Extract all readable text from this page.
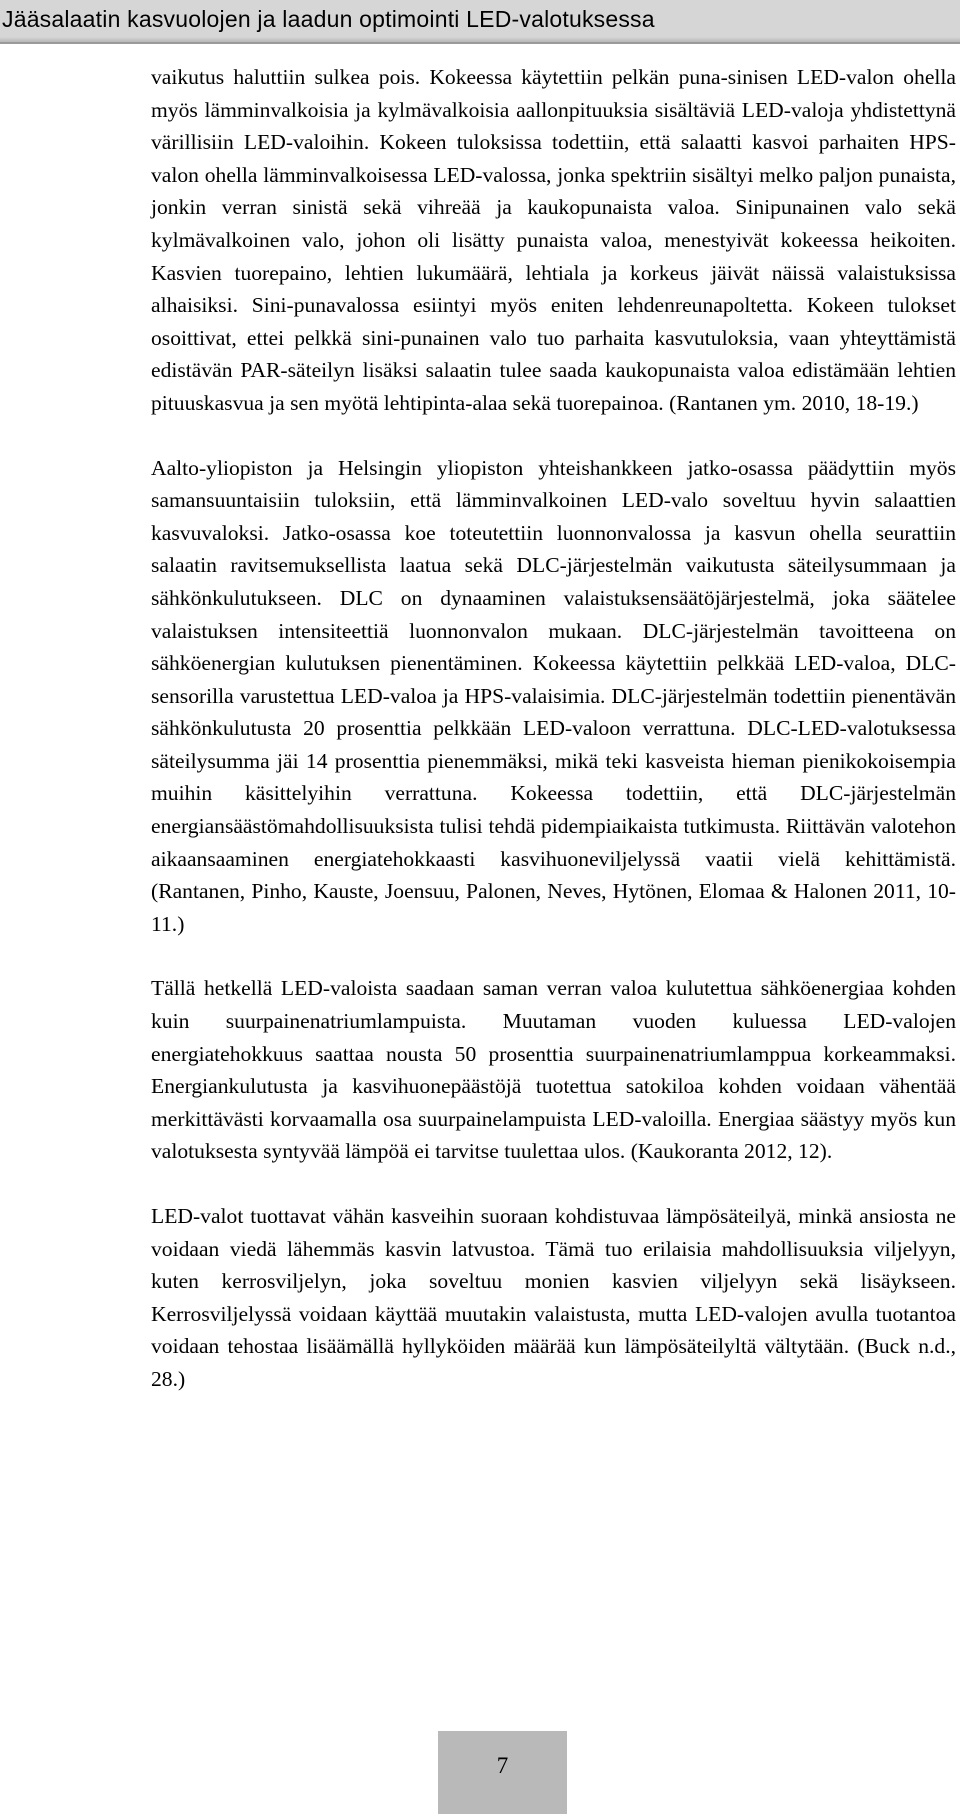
Jääsalaatin kasvuolojen ja laadun optimointi LED-valotuksessa

vaikutus haluttiin sulkea pois. Kokeessa käytettiin pelkän puna-sinisen LED-valon ohella myös lämminvalkoisia ja kylmävalkoisia aallonpituuksia sisältäviä LED-valoja yhdistettynä värillisiin LED-valoihin. Kokeen tuloksissa todettiin, että salaatti kasvoi parhaiten HPS-valon ohella lämminvalkoisessa LED-valossa, jonka spektriin sisältyi melko paljon punaista, jonkin verran sinistä sekä vihreää ja kaukopunaista valoa. Sinipunainen valo sekä kylmävalkoinen valo, johon oli lisätty punaista valoa, menestyivät kokeessa heikoiten. Kasvien tuorepaino, lehtien lukumäärä, lehtiala ja korkeus jäivät näissä valaistuksissa alhaisiksi. Sini-punavalossa esiintyi myös eniten lehdenreunapoltetta. Kokeen tulokset osoittivat, ettei pelkkä sini-punainen valo tuo parhaita kasvutuloksia, vaan yhteyttämistä edistävän PAR-säteilyn lisäksi salaatin tulee saada kaukopunaista valoa edistämään lehtien pituuskasvua ja sen myötä lehtipinta-alaa sekä tuorepainoa. (Rantanen ym. 2010, 18-19.)

Aalto-yliopiston ja Helsingin yliopiston yhteishankkeen jatko-osassa päädyttiin myös samansuuntaisiin tuloksiin, että lämminvalkoinen LED-valo soveltuu hyvin salaattien kasvuvaloksi. Jatko-osassa koe toteutettiin luonnonvalossa ja kasvun ohella seurattiin salaatin ravitsemuksellista laatua sekä DLC-järjestelmän vaikutusta säteilysummaan ja sähkönkulutukseen. DLC on dynaaminen valaistuksensäätöjärjestelmä, joka säätelee valaistuksen intensiteettiä luonnonvalon mukaan. DLC-järjestelmän tavoitteena on sähköenergian kulutuksen pienentäminen. Kokeessa käytettiin pelkkää LED-valoa, DLC-sensorilla varustettua LED-valoa ja HPS-valaisimia. DLC-järjestelmän todettiin pienentävän sähkönkulutusta 20 prosenttia pelkkään LED-valoon verrattuna. DLC-LED-valotuksessa säteilysumma jäi 14 prosenttia pienemmäksi, mikä teki kasveista hieman pienikokoisempia muihin käsittelyihin verrattuna. Kokeessa todettiin, että DLC-järjestelmän energiansäästömahdollisuuksista tulisi tehdä pidempiaikaista tutkimusta. Riittävän valotehon aikaansaaminen energiatehokkaasti kasvihuoneviljelyssä vaatii vielä kehittämistä. (Rantanen, Pinho, Kauste, Joensuu, Palonen, Neves, Hytönen, Elomaa & Halonen 2011, 10-11.)

Tällä hetkellä LED-valoista saadaan saman verran valoa kulutettua sähköenergiaa kohden kuin suurpainenatriumlampuista. Muutaman vuoden kuluessa LED-valojen energiatehokkuus saattaa nousta 50 prosenttia suurpainenatriumlamppua korkeammaksi. Energiankulutusta ja kasvihuonepäästöjä tuotettua satokiloa kohden voidaan vähentää merkittävästi korvaamalla osa suurpainelampuista LED-valoilla. Energiaa säästyy myös kun valotuksesta syntyvää lämpöä ei tarvitse tuulettaa ulos. (Kaukoranta 2012, 12).

LED-valot tuottavat vähän kasveihin suoraan kohdistuvaa lämpösäteilyä, minkä ansiosta ne voidaan viedä lähemmäs kasvin latvustoa. Tämä tuo erilaisia mahdollisuuksia viljelyyn, kuten kerrosviljelyn, joka soveltuu monien kasvien viljelyyn sekä lisäykseen. Kerrosviljelyssä voidaan käyttää muutakin valaistusta, mutta LED-valojen avulla tuotantoa voidaan tehostaa lisäämällä hyllyköiden määrää kun lämpösäteilyltä vältytään. (Buck n.d., 28.)

7
